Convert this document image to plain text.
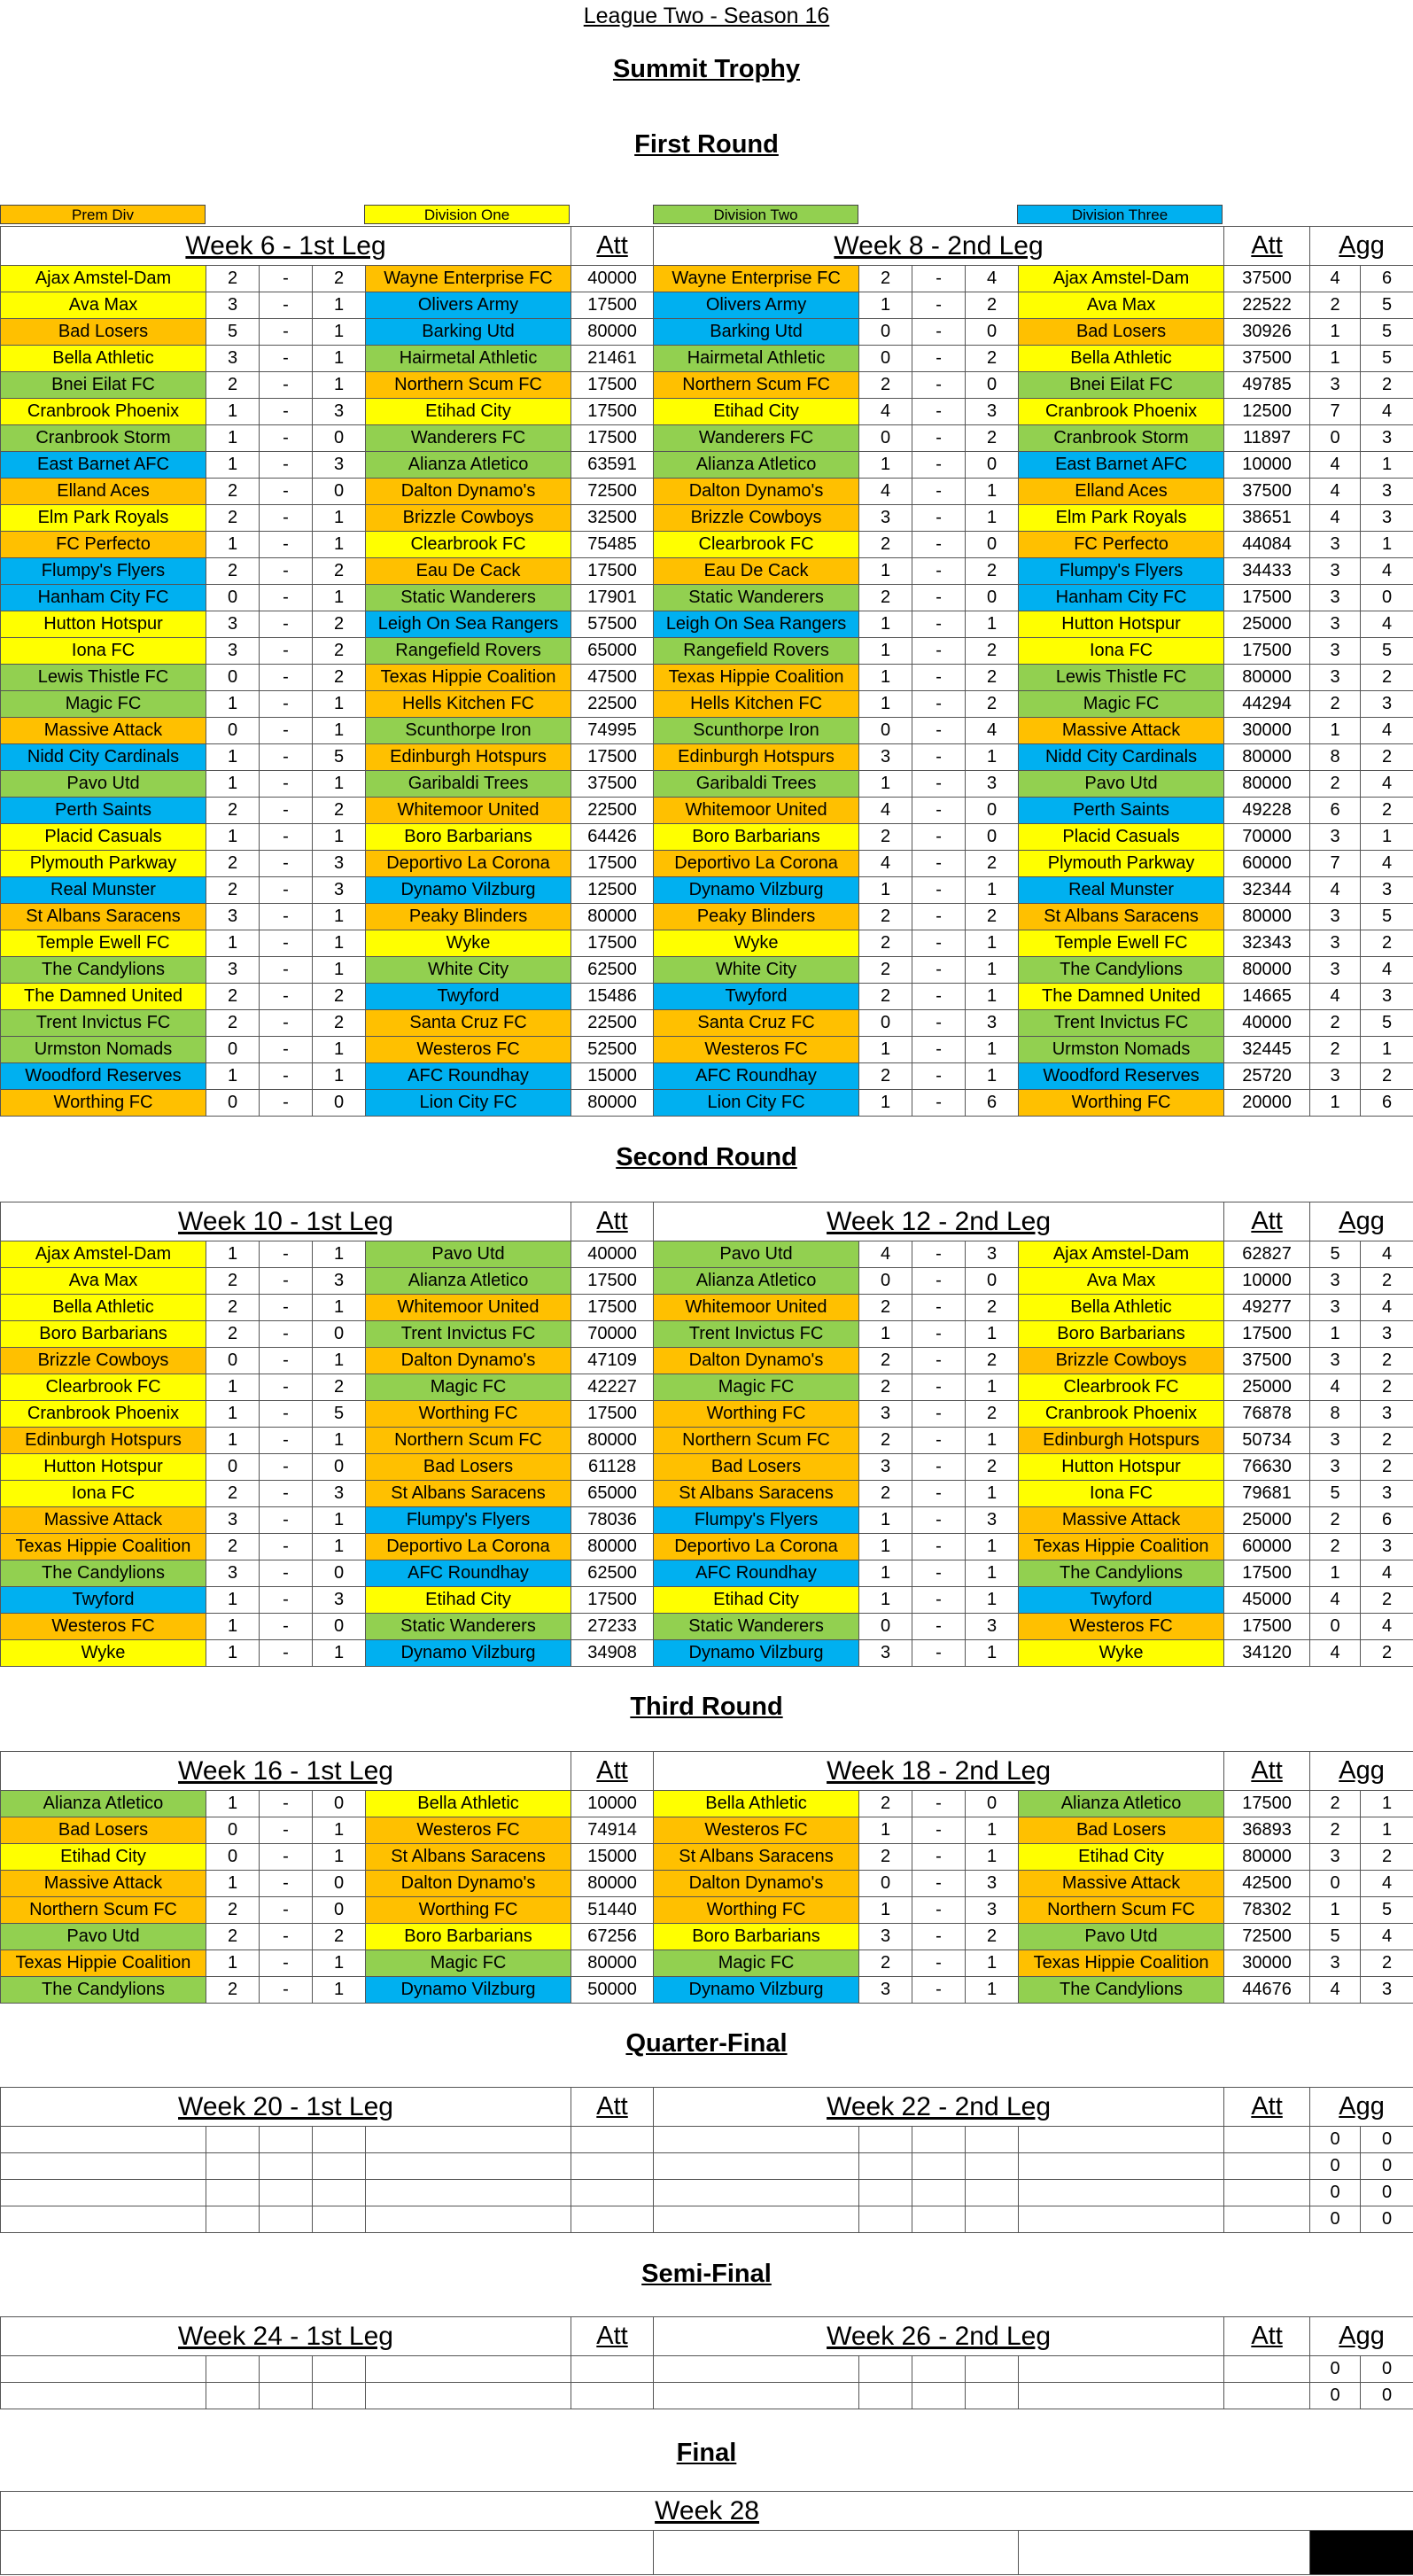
League Two - Season 16
Summit Trophy
Prem Div	Division One	Division Two	Division Three
First Round
Week 6 - 1st Leg					Att	Week 8 - 2nd Leg					Att	Agg	
Ajax Amstel-Dam	2	-	2	Wayne Enterprise FC	40000	Wayne Enterprise FC	2	-	4	Ajax Amstel-Dam	37500	4	6
Ava Max	3	-	1	Olivers Army	17500	Olivers Army	1	-	2	Ava Max	22522	2	5
Bad Losers	5	-	1	Barking Utd	80000	Barking Utd	0	-	0	Bad Losers	30926	1	5
Bella Athletic	3	-	1	Hairmetal Athletic	21461	Hairmetal Athletic	0	-	2	Bella Athletic	37500	1	5
Bnei Eilat FC	2	-	1	Northern Scum FC	17500	Northern Scum FC	2	-	0	Bnei Eilat FC	49785	3	2
Cranbrook Phoenix	1	-	3	Etihad City	17500	Etihad City	4	-	3	Cranbrook Phoenix	12500	7	4
Cranbrook Storm	1	-	0	Wanderers FC	17500	Wanderers FC	0	-	2	Cranbrook Storm	11897	0	3
East Barnet AFC	1	-	3	Alianza Atletico	63591	Alianza Atletico	1	-	0	East Barnet AFC	10000	4	1
Elland Aces	2	-	0	Dalton Dynamo's	72500	Dalton Dynamo's	4	-	1	Elland Aces	37500	4	3
Elm Park Royals	2	-	1	Brizzle Cowboys	32500	Brizzle Cowboys	3	-	1	Elm Park Royals	38651	4	3
FC Perfecto	1	-	1	Clearbrook FC	75485	Clearbrook FC	2	-	0	FC Perfecto	44084	3	1
Flumpy's Flyers	2	-	2	Eau De Cack	17500	Eau De Cack	1	-	2	Flumpy's Flyers	34433	3	4
Hanham City FC	0	-	1	Static Wanderers	17901	Static Wanderers	2	-	0	Hanham City FC	17500	3	0
Hutton Hotspur	3	-	2	Leigh On Sea Rangers	57500	Leigh On Sea Rangers	1	-	1	Hutton Hotspur	25000	3	4
Iona FC	3	-	2	Rangefield Rovers	65000	Rangefield Rovers	1	-	2	Iona FC	17500	3	5
Lewis Thistle FC	0	-	2	Texas Hippie Coalition	47500	Texas Hippie Coalition	1	-	2	Lewis Thistle FC	80000	3	2
Magic FC	1	-	1	Hells Kitchen FC	22500	Hells Kitchen FC	1	-	2	Magic FC	44294	2	3
Massive Attack	0	-	1	Scunthorpe Iron	74995	Scunthorpe Iron	0	-	4	Massive Attack	30000	1	4
Nidd City Cardinals	1	-	5	Edinburgh Hotspurs	17500	Edinburgh Hotspurs	3	-	1	Nidd City Cardinals	80000	8	2
Pavo Utd	1	-	1	Garibaldi Trees	37500	Garibaldi Trees	1	-	3	Pavo Utd	80000	2	4
Perth Saints	2	-	2	Whitemoor United	22500	Whitemoor United	4	-	0	Perth Saints	49228	6	2
Placid Casuals	1	-	1	Boro Barbarians	64426	Boro Barbarians	2	-	0	Placid Casuals	70000	3	1
Plymouth Parkway	2	-	3	Deportivo La Corona	17500	Deportivo La Corona	4	-	2	Plymouth Parkway	60000	7	4
Real Munster	2	-	3	Dynamo Vilzburg	12500	Dynamo Vilzburg	1	-	1	Real Munster	32344	4	3
St Albans Saracens	3	-	1	Peaky Blinders	80000	Peaky Blinders	2	-	2	St Albans Saracens	80000	3	5
Temple Ewell FC	1	-	1	Wyke	17500	Wyke	2	-	1	Temple Ewell FC	32343	3	2
The Candylions	3	-	1	White City	62500	White City	2	-	1	The Candylions	80000	3	4
The Damned United	2	-	2	Twyford	15486	Twyford	2	-	1	The Damned United	14665	4	3
Trent Invictus FC	2	-	2	Santa Cruz FC	22500	Santa Cruz FC	0	-	3	Trent Invictus FC	40000	2	5
Urmston Nomads	0	-	1	Westeros FC	52500	Westeros FC	1	-	1	Urmston Nomads	32445	2	1
Woodford Reserves	1	-	1	AFC Roundhay	15000	AFC Roundhay	2	-	1	Woodford Reserves	25720	3	2
Worthing FC	0	-	0	Lion City FC	80000	Lion City FC	1	-	6	Worthing FC	20000	1	6
Second Round
Week 10 - 1st Leg					Att	Week 12 - 2nd Leg					Att	Agg	
Ajax Amstel-Dam	1	-	1	Pavo Utd	40000	Pavo Utd	4	-	3	Ajax Amstel-Dam	62827	5	4
Ava Max	2	-	3	Alianza Atletico	17500	Alianza Atletico	0	-	0	Ava Max	10000	3	2
Bella Athletic	2	-	1	Whitemoor United	17500	Whitemoor United	2	-	2	Bella Athletic	49277	3	4
Boro Barbarians	2	-	0	Trent Invictus FC	70000	Trent Invictus FC	1	-	1	Boro Barbarians	17500	1	3
Brizzle Cowboys	0	-	1	Dalton Dynamo's	47109	Dalton Dynamo's	2	-	2	Brizzle Cowboys	37500	3	2
Clearbrook FC	1	-	2	Magic FC	42227	Magic FC	2	-	1	Clearbrook FC	25000	4	2
Cranbrook Phoenix	1	-	5	Worthing FC	17500	Worthing FC	3	-	2	Cranbrook Phoenix	76878	8	3
Edinburgh Hotspurs	1	-	1	Northern Scum FC	80000	Northern Scum FC	2	-	1	Edinburgh Hotspurs	50734	3	2
Hutton Hotspur	0	-	0	Bad Losers	61128	Bad Losers	3	-	2	Hutton Hotspur	76630	3	2
Iona FC	2	-	3	St Albans Saracens	65000	St Albans Saracens	2	-	1	Iona FC	79681	5	3
Massive Attack	3	-	1	Flumpy's Flyers	78036	Flumpy's Flyers	1	-	3	Massive Attack	25000	2	6
Texas Hippie Coalition	2	-	1	Deportivo La Corona	80000	Deportivo La Corona	1	-	1	Texas Hippie Coalition	60000	2	3
The Candylions	3	-	0	AFC Roundhay	62500	AFC Roundhay	1	-	1	The Candylions	17500	1	4
Twyford	1	-	3	Etihad City	17500	Etihad City	1	-	1	Twyford	45000	4	2
Westeros FC	1	-	0	Static Wanderers	27233	Static Wanderers	0	-	3	Westeros FC	17500	0	4
Wyke	1	-	1	Dynamo Vilzburg	34908	Dynamo Vilzburg	3	-	1	Wyke	34120	4	2
Third Round
Week 16 - 1st Leg					Att	Week 18 - 2nd Leg					Att	Agg	
Alianza Atletico	1	-	0	Bella Athletic	10000	Bella Athletic	2	-	0	Alianza Atletico	17500	2	1
Bad Losers	0	-	1	Westeros FC	74914	Westeros FC	1	-	1	Bad Losers	36893	2	1
Etihad City	0	-	1	St Albans Saracens	15000	St Albans Saracens	2	-	1	Etihad City	80000	3	2
Massive Attack	1	-	0	Dalton Dynamo's	80000	Dalton Dynamo's	0	-	3	Massive Attack	42500	0	4
Northern Scum FC	2	-	0	Worthing FC	51440	Worthing FC	1	-	3	Northern Scum FC	78302	1	5
Pavo Utd	2	-	2	Boro Barbarians	67256	Boro Barbarians	3	-	2	Pavo Utd	72500	5	4
Texas Hippie Coalition	1	-	1	Magic FC	80000	Magic FC	2	-	1	Texas Hippie Coalition	30000	3	2
The Candylions	2	-	1	Dynamo Vilzburg	50000	Dynamo Vilzburg	3	-	1	The Candylions	44676	4	3
Quarter-Final
Week 20 - 1st Leg					Att	Week 22 - 2nd Leg					Att	Agg	
												0	0
												0	0
												0	0
												0	0
Semi-Final
Week 24 - 1st Leg					Att	Week 26 - 2nd Leg					Att	Agg	
												0	0
												0	0
Final
Week 28
